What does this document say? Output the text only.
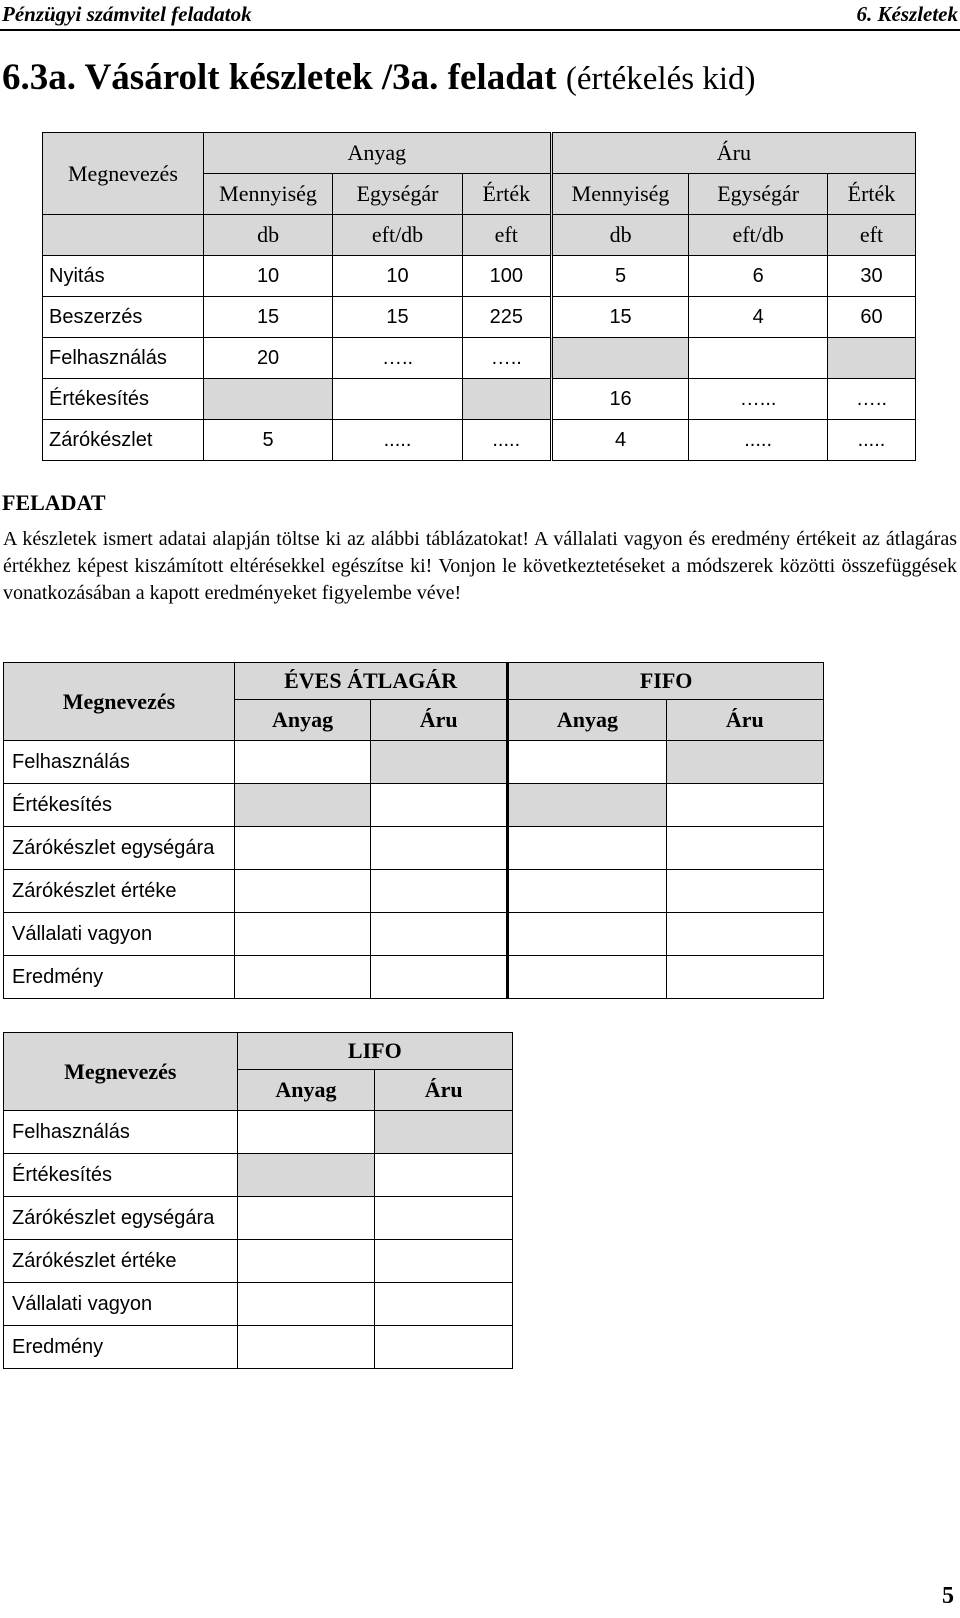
Pénzügyi számvitel feladatok	6. Készletek
6.3a. Vásárolt készletek /3a. feladat (értékelés kid)
Megnevezés	Anyag			Áru		
	Mennyiség	Egységár	Érték	Mennyiség	Egységár	Érték
	db	eft/db	eft	db	eft/db	eft
Nyitás	10	10	100	5	6	30
Beszerzés	15	15	225	15	4	60
Felhasználás	20	…..	…..			
Értékesítés				16	…...	…..
Zárókészlet	5	.....	.....	4	.....	.....
FELADAT
A készletek ismert adatai alapján töltse ki az alábbi táblázatokat! A vállalati vagyon és eredmény értékeit az átlagáras értékhez képest kiszámított eltérésekkel egészítse ki! Vonjon le következtetéseket a módszerek közötti összefüggések vonatkozásában a kapott eredményeket figyelembe véve!
Megnevezés	ÉVES ÁTLAGÁR		FIFO	
	Anyag	Áru	Anyag	Áru
Felhasználás				
Értékesítés				
Zárókészlet egységára				
Zárókészlet értéke				
Vállalati vagyon				
Eredmény				
Megnevezés	LIFO	
	Anyag	Áru
Felhasználás		
Értékesítés		
Zárókészlet egységára		
Zárókészlet értéke		
Vállalati vagyon		
Eredmény		
5
